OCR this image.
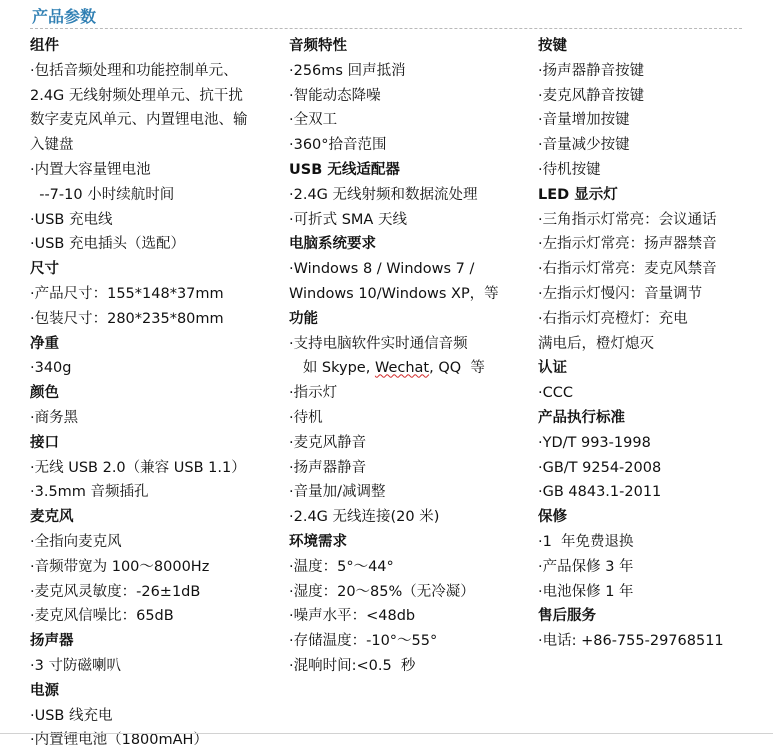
产品参数
组件
·包括音频处理和功能控制单元、
2.4G 无线射频处理单元、抗干扰
数字麦克风单元、内置锂电池、输
入键盘
·内置大容量锂电池
--7-10 小时续航时间
·USB 充电线
·USB 充电插头（选配）
尺寸
·产品尺寸：155*148*37mm
·包装尺寸：280*235*80mm
净重
·340g
颜色
·商务黑
接口
·无线 USB 2.0（兼容 USB 1.1）
·3.5mm 音频插孔
麦克风
·全指向麦克风
·音频带宽为 100～8000Hz
·麦克风灵敏度：-26±1dB
·麦克风信噪比：65dB
扬声器
·3 寸防磁喇叭
电源
·USB 线充电
·内置锂电池（1800mAH）
音频特性
·256ms 回声抵消
·智能动态降噪
·全双工
·360°拾音范围
USB 无线适配器
·2.4G 无线射频和数据流处理
·可折式 SMA 天线
电脑系统要求
·Windows 8 / Windows 7 /
Windows 10/Windows XP，等
功能
·支持电脑软件实时通信音频
如 Skype, Wechat, QQ  等
·指示灯
·待机
·麦克风静音
·扬声器静音
·音量加/减调整
·2.4G 无线连接(20 米)
环境需求
·温度：5°～44°
·湿度：20～85%（无冷凝）
·噪声水平：<48db
·存储温度：-10°～55°
·混响时间:<0.5  秒
按键
·扬声器静音按键
·麦克风静音按键
·音量增加按键
·音量减少按键
·待机按键
LED 显示灯
·三角指示灯常亮：会议通话
·左指示灯常亮：扬声器禁音
·右指示灯常亮：麦克风禁音
·左指示灯慢闪：音量调节
·右指示灯亮橙灯：充电
满电后，橙灯熄灭
认证
·CCC
产品执行标准
·YD/T 993-1998
·GB/T 9254-2008
·GB 4843.1-2011
保修
·1  年免费退换
·产品保修 3 年
·电池保修 1 年
售后服务
·电话: +86-755-29768511
